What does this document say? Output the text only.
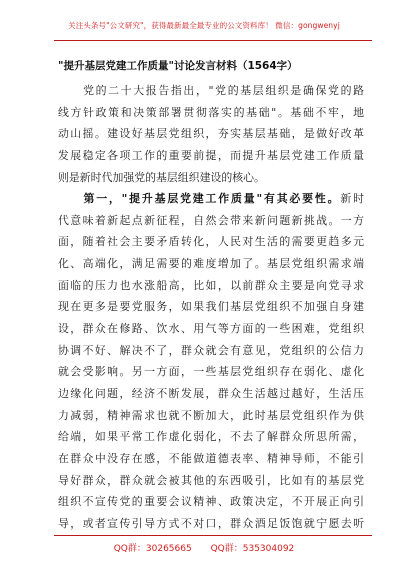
关注头条号"公文研究"，获得最新最全最专业的公文资料库！ 微信：gongwenyj
"提升基层党建工作质量"讨论发言材料（1564字）
　　党的二十大报告指出，"党的基层组织是确保党的路
线方针政策和决策部署贯彻落实的基础"。基础不牢，地
动山摇。建设好基层党组织，夯实基层基础，是做好改革
发展稳定各项工作的重要前提，而提升基层党建工作质量
则是新时代加强党的基层组织建设的核心。
　　第一，"提升基层党建工作质量"有其必要性。新时
代意味着新起点新征程，自然会带来新问题新挑战。一方
面，随着社会主要矛盾转化，人民对生活的需要更趋多元
化、高端化，满足需要的难度增加了。基层党组织需求端
面临的压力也水涨船高，比如，以前群众主要是向党寻求
现在更多是要党服务，如果我们基层党组织不加强自身建
设，群众在修路、饮水、用气等方面的一些困难，党组织
协调不好、解决不了，群众就会有意见，党组织的公信力
就会受影响。另一方面，一些基层党组织存在弱化、虚化
边缘化问题，经济不断发展，群众生活越过越好，生活压
力减弱，精神需求也就不断加大，此时基层党组织作为供
给端，如果平常工作虚化弱化，不去了解群众所思所需，
在群众中没存在感，不能做道德表率、精神导师，不能引
导好群众，群众就会被其他的东西吸引，比如有的基层党
组织不宣传党的重要会议精神、政策决定，不开展正向引
导，或者宣传引导方式不对口，群众酒足饭饱就宁愿去听
QQ群：30265665 QQ群：535304092
